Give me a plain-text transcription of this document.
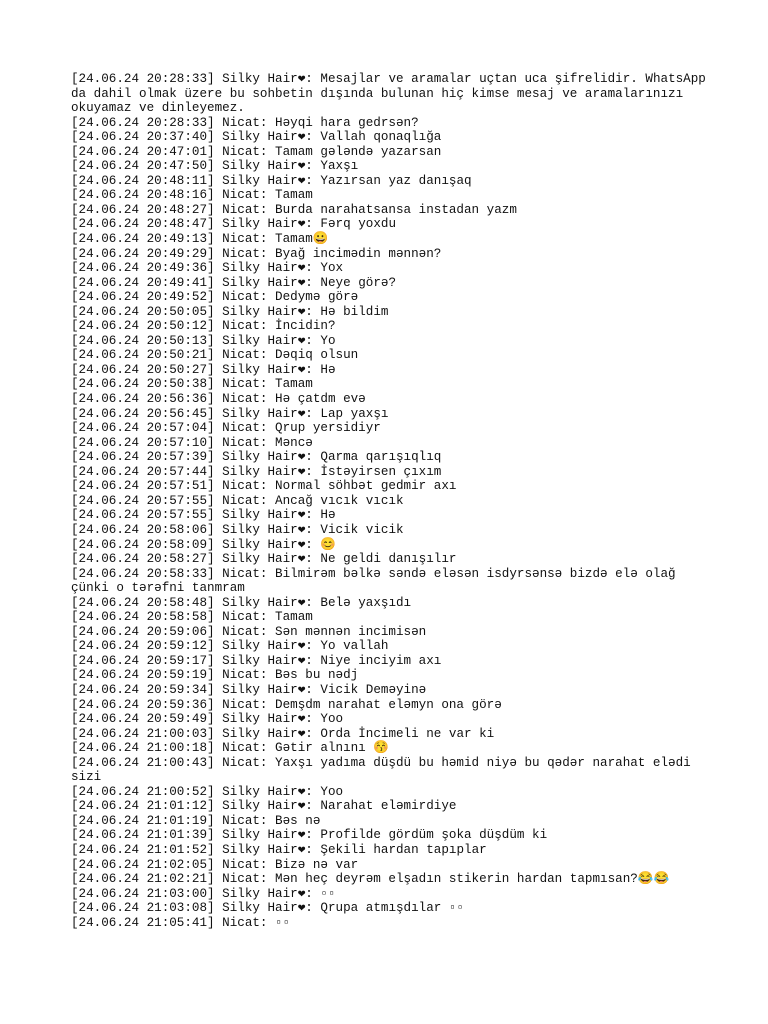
[24.06.24 20:28:33] Silky Hair❤: Mesajlar ve aramalar uçtan uca şifrelidir. WhatsApp da dahil olmak üzere bu sohbetin dışında bulunan hiç kimse mesaj ve aramalarınızı okuyamaz ve dinleyemez.

[24.06.24 20:28:33] Nicat: Həyqi hara gedrsən?

[24.06.24 20:37:40] Silky Hair❤: Vallah qonaqlığa

[24.06.24 20:47:01] Nicat: Tamam gələndə yazarsan

[24.06.24 20:47:50] Silky Hair❤: Yaxşı

[24.06.24 20:48:11] Silky Hair❤: Yazırsan yaz danışaq

[24.06.24 20:48:16] Nicat: Tamam

[24.06.24 20:48:27] Nicat: Burda narahatsansa instadan yazm

[24.06.24 20:48:47] Silky Hair❤: Fərq yoxdu

[24.06.24 20:49:13] Nicat: Tamam😀

[24.06.24 20:49:29] Nicat: Byağ incimədin mənnən?

[24.06.24 20:49:36] Silky Hair❤: Yox

[24.06.24 20:49:41] Silky Hair❤: Neye görə?

[24.06.24 20:49:52] Nicat: Dedymə görə

[24.06.24 20:50:05] Silky Hair❤: Hə bildim

[24.06.24 20:50:12] Nicat: İncidin?

[24.06.24 20:50:13] Silky Hair❤: Yo

[24.06.24 20:50:21] Nicat: Dəqiq olsun

[24.06.24 20:50:27] Silky Hair❤: Hə

[24.06.24 20:50:38] Nicat: Tamam

[24.06.24 20:56:36] Nicat: Hə çatdm evə

[24.06.24 20:56:45] Silky Hair❤: Lap yaxşı

[24.06.24 20:57:04] Nicat: Qrup yersidiyr

[24.06.24 20:57:10] Nicat: Məncə

[24.06.24 20:57:39] Silky Hair❤: Qarma qarışıqlıq

[24.06.24 20:57:44] Silky Hair❤: İstəyirsen çıxım

[24.06.24 20:57:51] Nicat: Normal söhbət gedmir axı

[24.06.24 20:57:55] Nicat: Ancağ vıcık vıcık

[24.06.24 20:57:55] Silky Hair❤: Hə

[24.06.24 20:58:06] Silky Hair❤: Vicik vicik

[24.06.24 20:58:09] Silky Hair❤: 😊

[24.06.24 20:58:27] Silky Hair❤: Ne geldi danışılır

[24.06.24 20:58:33] Nicat: Bilmirəm bəlkə səndə eləsən isdyrsənsə bizdə elə olağ çünki o tərəfni tanmram

[24.06.24 20:58:48] Silky Hair❤: Belə yaxşıdı

[24.06.24 20:58:58] Nicat: Tamam

[24.06.24 20:59:06] Nicat: Sən mənnən incimisən

[24.06.24 20:59:12] Silky Hair❤: Yo vallah

[24.06.24 20:59:17] Silky Hair❤: Niye inciyim axı

[24.06.24 20:59:19] Nicat: Bəs bu nədj

[24.06.24 20:59:34] Silky Hair❤: Vicik Deməyinə

[24.06.24 20:59:36] Nicat: Demşdm narahat eləmyn ona görə

[24.06.24 20:59:49] Silky Hair❤: Yoo

[24.06.24 21:00:03] Silky Hair❤: Orda İncimeli ne var ki

[24.06.24 21:00:18] Nicat: Gətir alnını 😚

[24.06.24 21:00:43] Nicat: Yaxşı yadıma düşdü bu həmid niyə bu qədər narahat elədi sizi

[24.06.24 21:00:52] Silky Hair❤: Yoo

[24.06.24 21:01:12] Silky Hair❤: Narahat eləmirdiye

[24.06.24 21:01:19] Nicat: Bəs nə

[24.06.24 21:01:39] Silky Hair❤: Profilde gördüm şoka düşdüm ki

[24.06.24 21:01:52] Silky Hair❤: Şekili hardan tapıplar

[24.06.24 21:02:05] Nicat: Bizə nə var

[24.06.24 21:02:21] Nicat: Mən heç deyrəm elşadın stikerin hardan tapmısan?😂😂

[24.06.24 21:03:00] Silky Hair❤: ▫▫

[24.06.24 21:03:08] Silky Hair❤: Qrupa atmışdılar ▫▫

[24.06.24 21:05:41] Nicat: ▫▫
